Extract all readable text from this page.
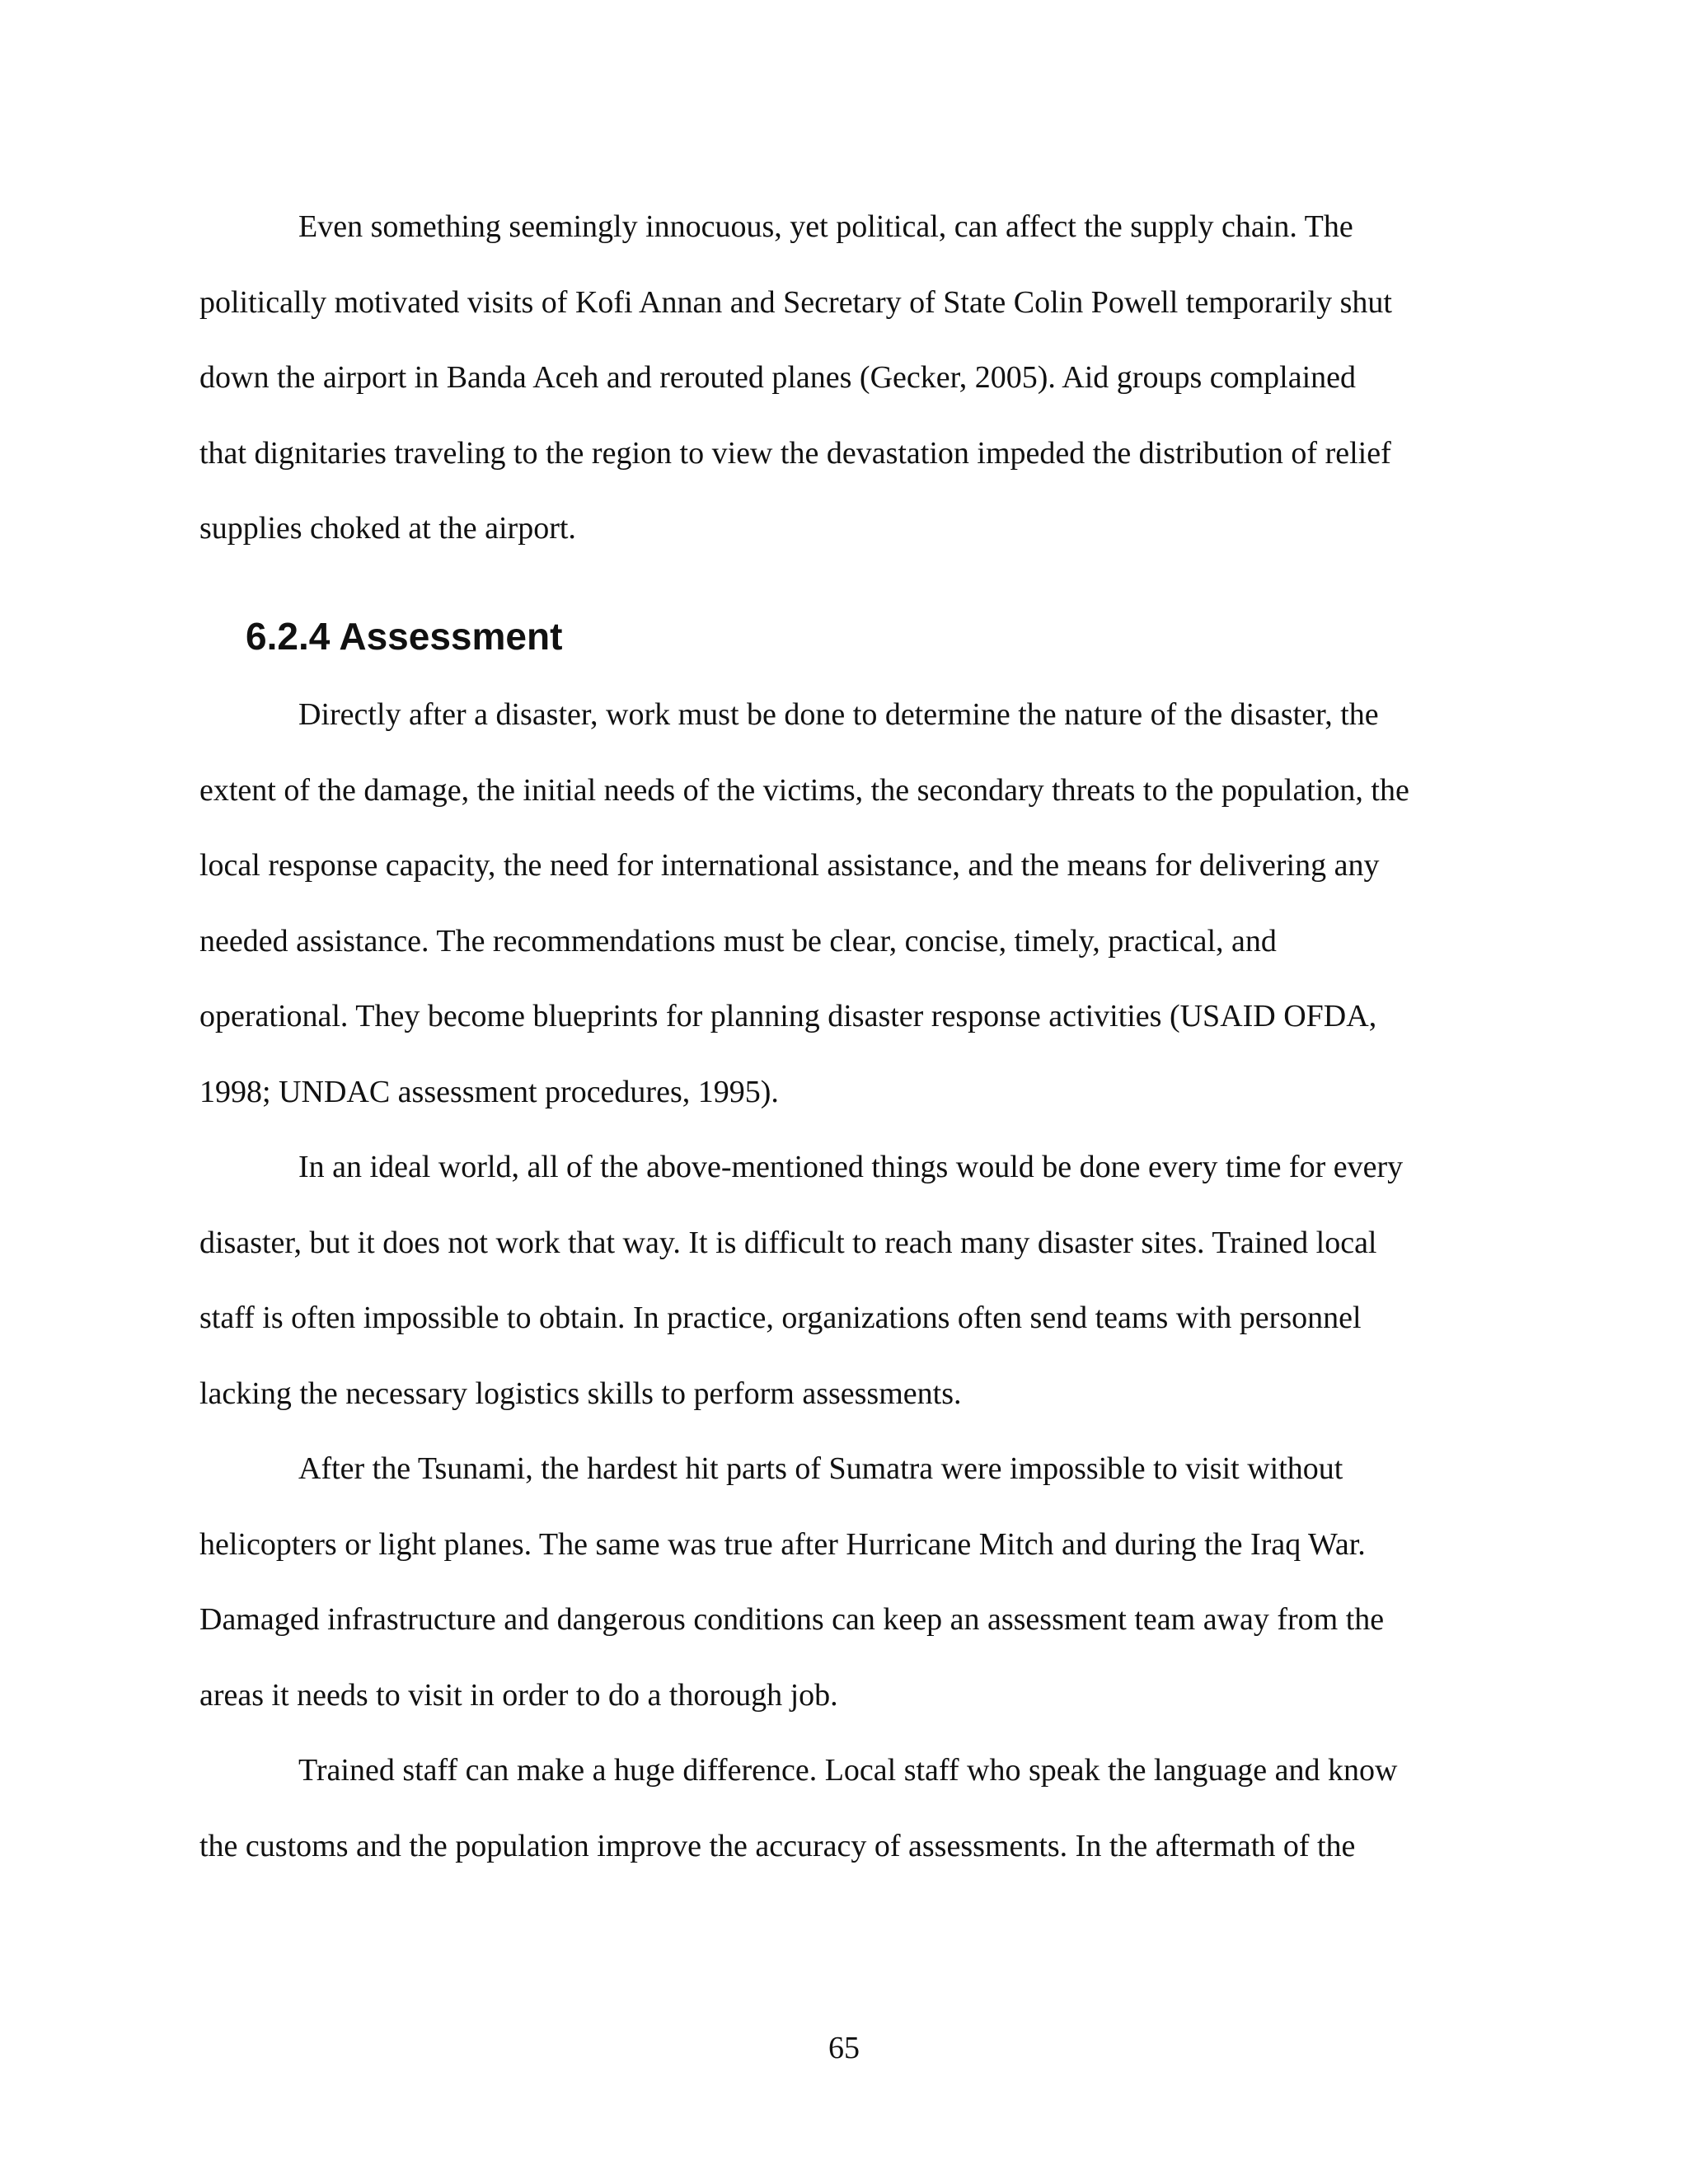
Even something seemingly innocuous, yet political, can affect the supply chain. The
politically motivated visits of Kofi Annan and Secretary of State Colin Powell temporarily shut
down the airport in Banda Aceh and rerouted planes (Gecker, 2005). Aid groups complained
that dignitaries traveling to the region to view the devastation impeded the distribution of relief
supplies choked at the airport.
6.2.4 Assessment
Directly after a disaster, work must be done to determine the nature of the disaster, the
extent of the damage, the initial needs of the victims, the secondary threats to the population, the
local response capacity, the need for international assistance, and the means for delivering any
needed assistance. The recommendations must be clear, concise, timely, practical, and
operational. They become blueprints for planning disaster response activities (USAID OFDA,
1998; UNDAC assessment procedures, 1995).
In an ideal world, all of the above-mentioned things would be done every time for every
disaster, but it does not work that way. It is difficult to reach many disaster sites. Trained local
staff is often impossible to obtain. In practice, organizations often send teams with personnel
lacking the necessary logistics skills to perform assessments.
After the Tsunami, the hardest hit parts of Sumatra were impossible to visit without
helicopters or light planes. The same was true after Hurricane Mitch and during the Iraq War.
Damaged infrastructure and dangerous conditions can keep an assessment team away from the
areas it needs to visit in order to do a thorough job.
Trained staff can make a huge difference. Local staff who speak the language and know
the customs and the population improve the accuracy of assessments. In the aftermath of the
65
